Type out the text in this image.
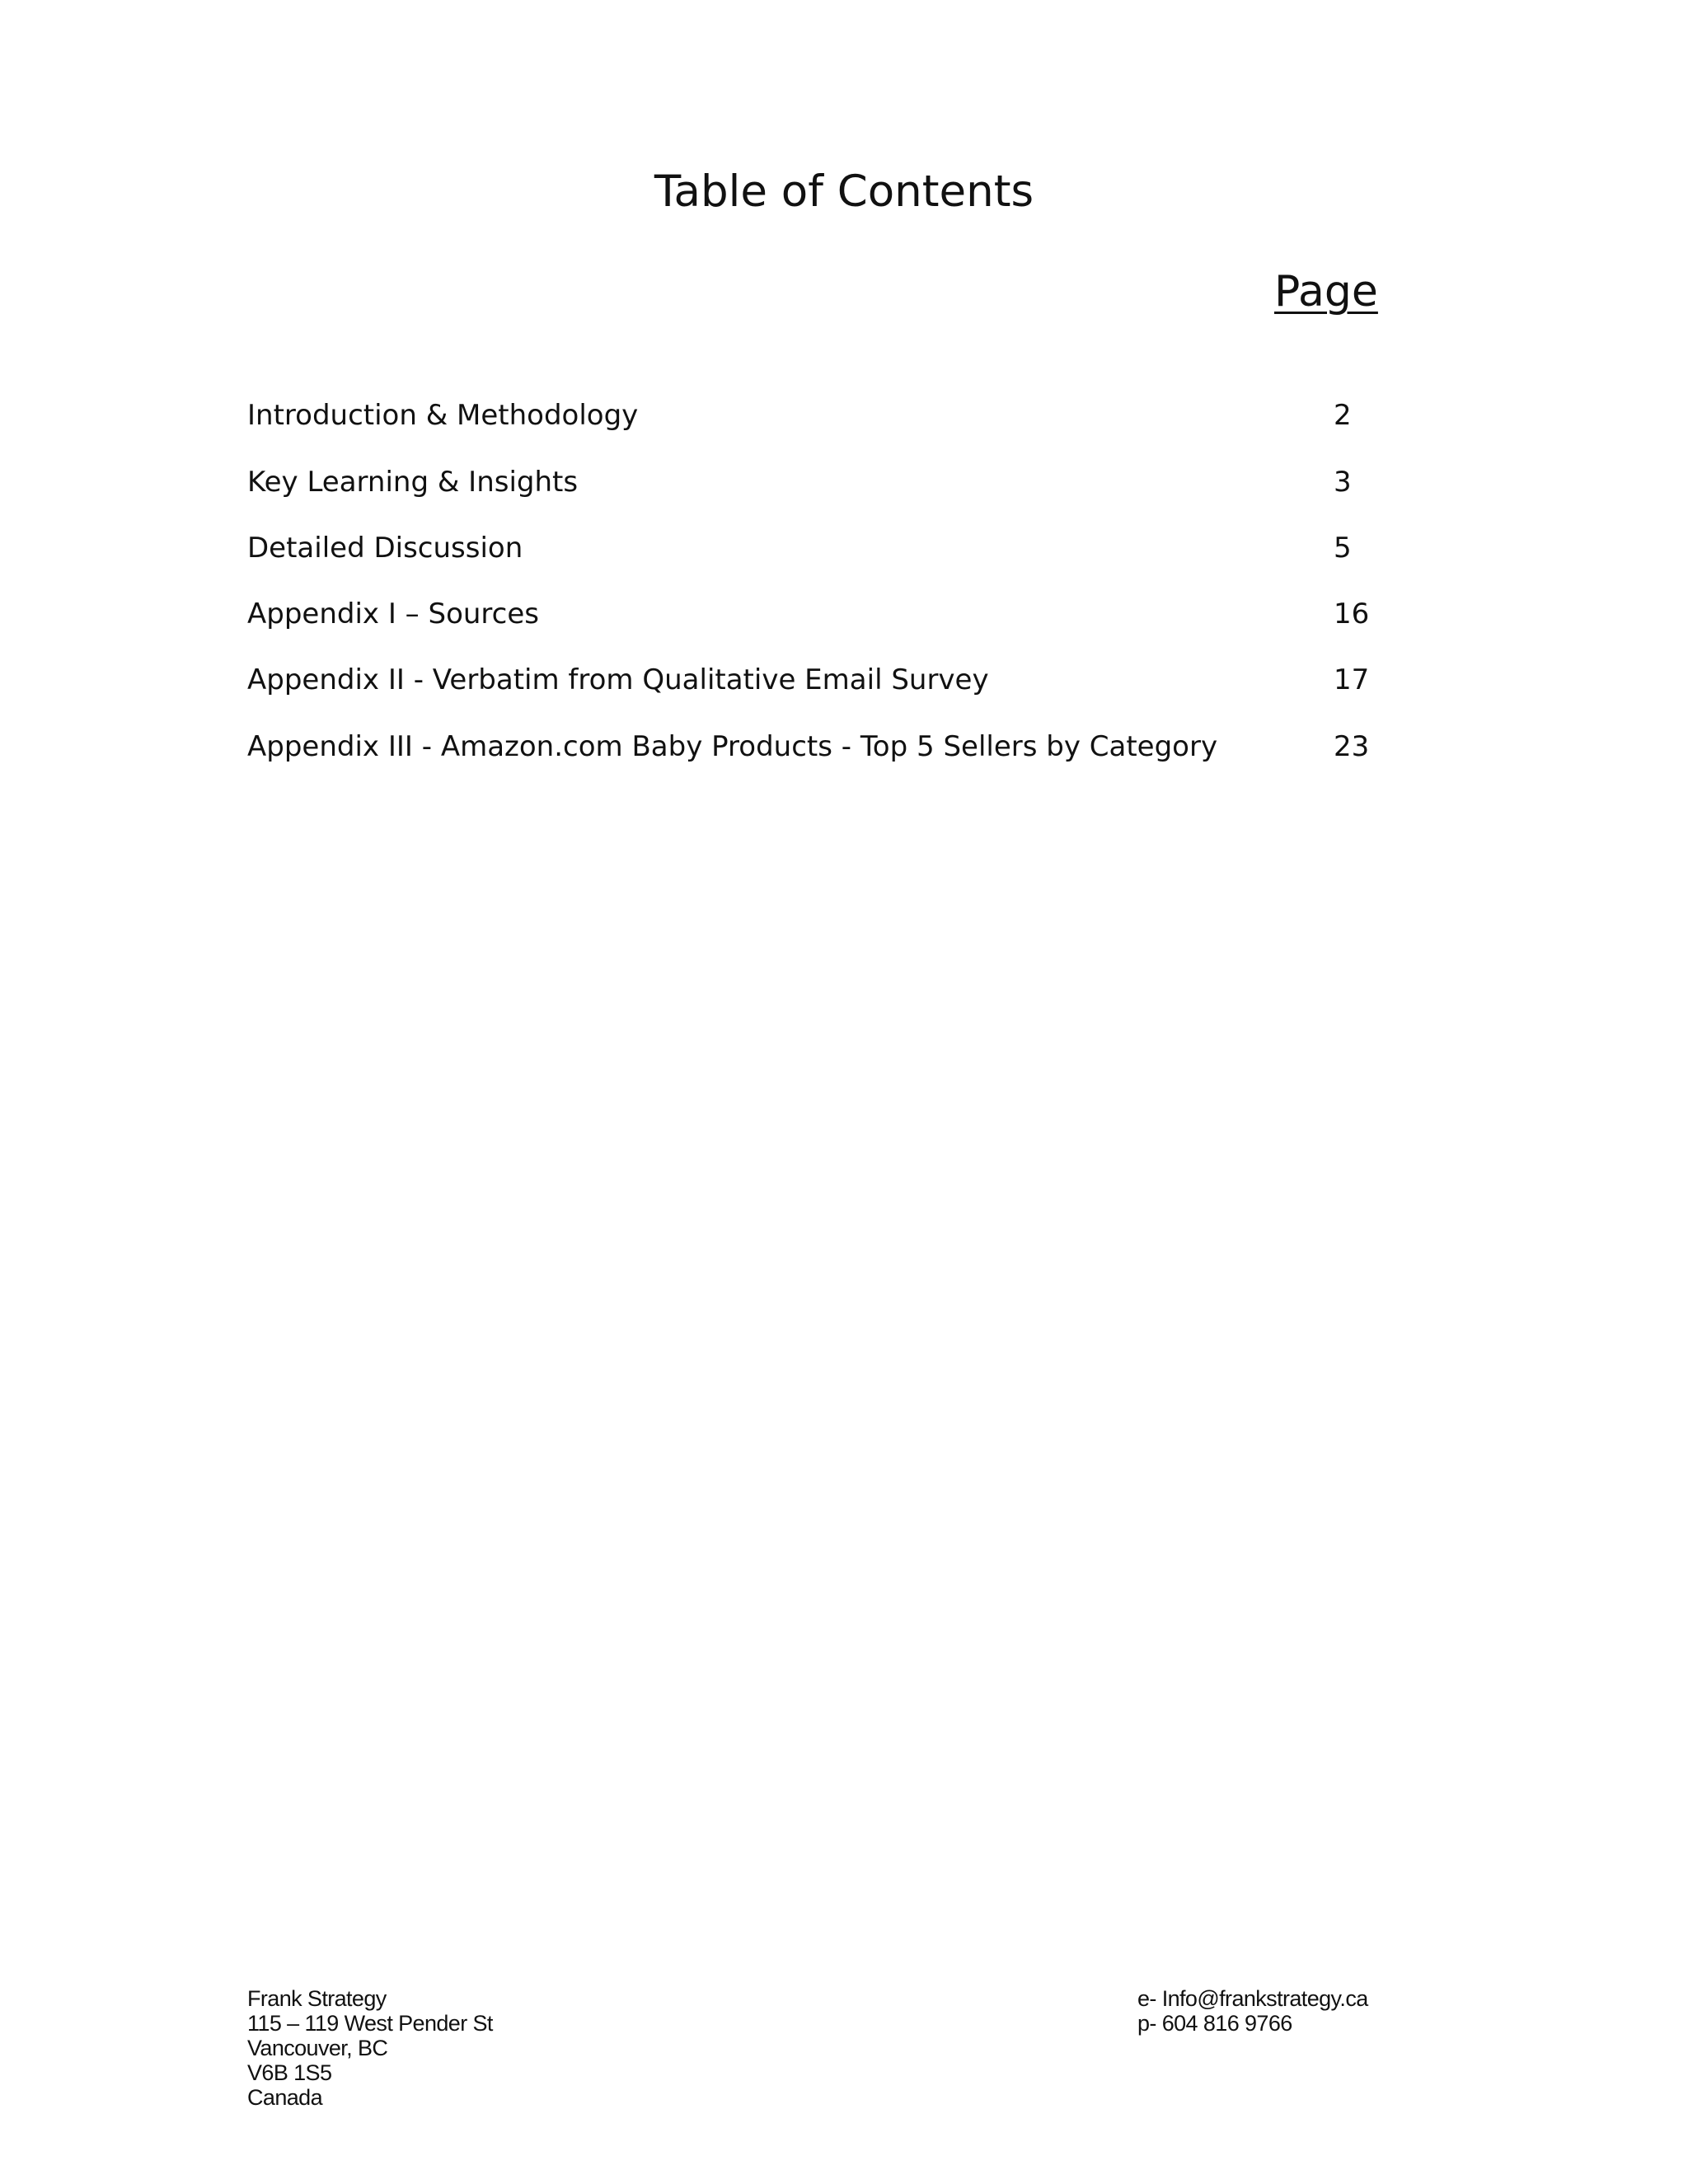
Table of Contents
Page
Introduction & Methodology	2
Key Learning & Insights	3
Detailed Discussion	5
Appendix I – Sources	16
Appendix II - Verbatim from Qualitative Email Survey	17
Appendix III - Amazon.com Baby Products - Top 5 Sellers by Category	23
Frank Strategy
115 – 119 West Pender St
Vancouver, BC
V6B 1S5
Canada
e- Info@frankstrategy.ca
p- 604 816 9766
